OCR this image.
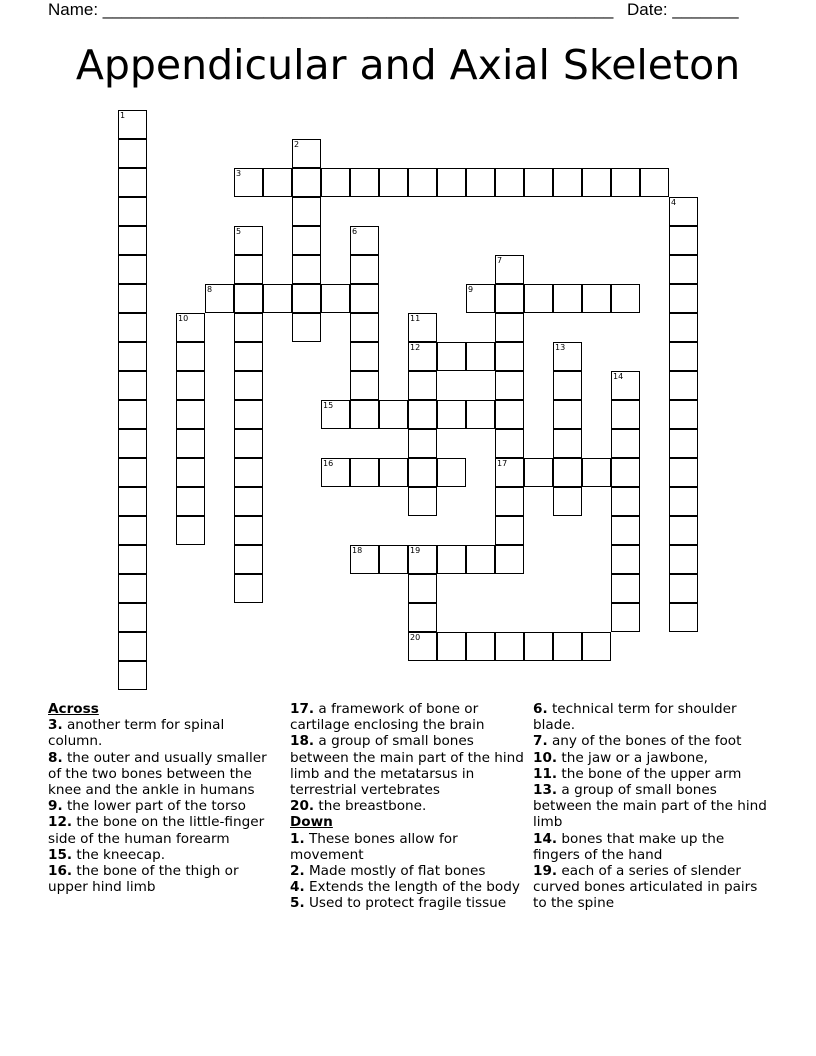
Name: ______________________________________________________ Date: _______
Appendicular and Axial Skeleton
1
2
3
4
5	6
7
17
8	9
10	11
12	13
14
15
16
18	19
20
Across
3. another term for spinal column.
8. the outer and usually smaller of the two bones between the knee and the ankle in humans
9. the lower part of the torso
12. the bone on the little-finger side of the human forearm
15. the kneecap.
16. the bone of the thigh or upper hind limb
17. a framework of bone or cartilage enclosing the brain
18. a group of small bones between the main part of the hind limb and the metatarsus in terrestrial vertebrates
20. the breastbone.
Down
1. These bones allow for movement
2. Made mostly of flat bones
4. Extends the length of the body
5. Used to protect fragile tissue
6. technical term for shoulder blade.
7. any of the bones of the foot
10. the jaw or a jawbone,
11. the bone of the upper arm
13. a group of small bones between the main part of the hind limb
14. bones that make up the fingers of the hand
19. each of a series of slender curved bones articulated in pairs to the spine
